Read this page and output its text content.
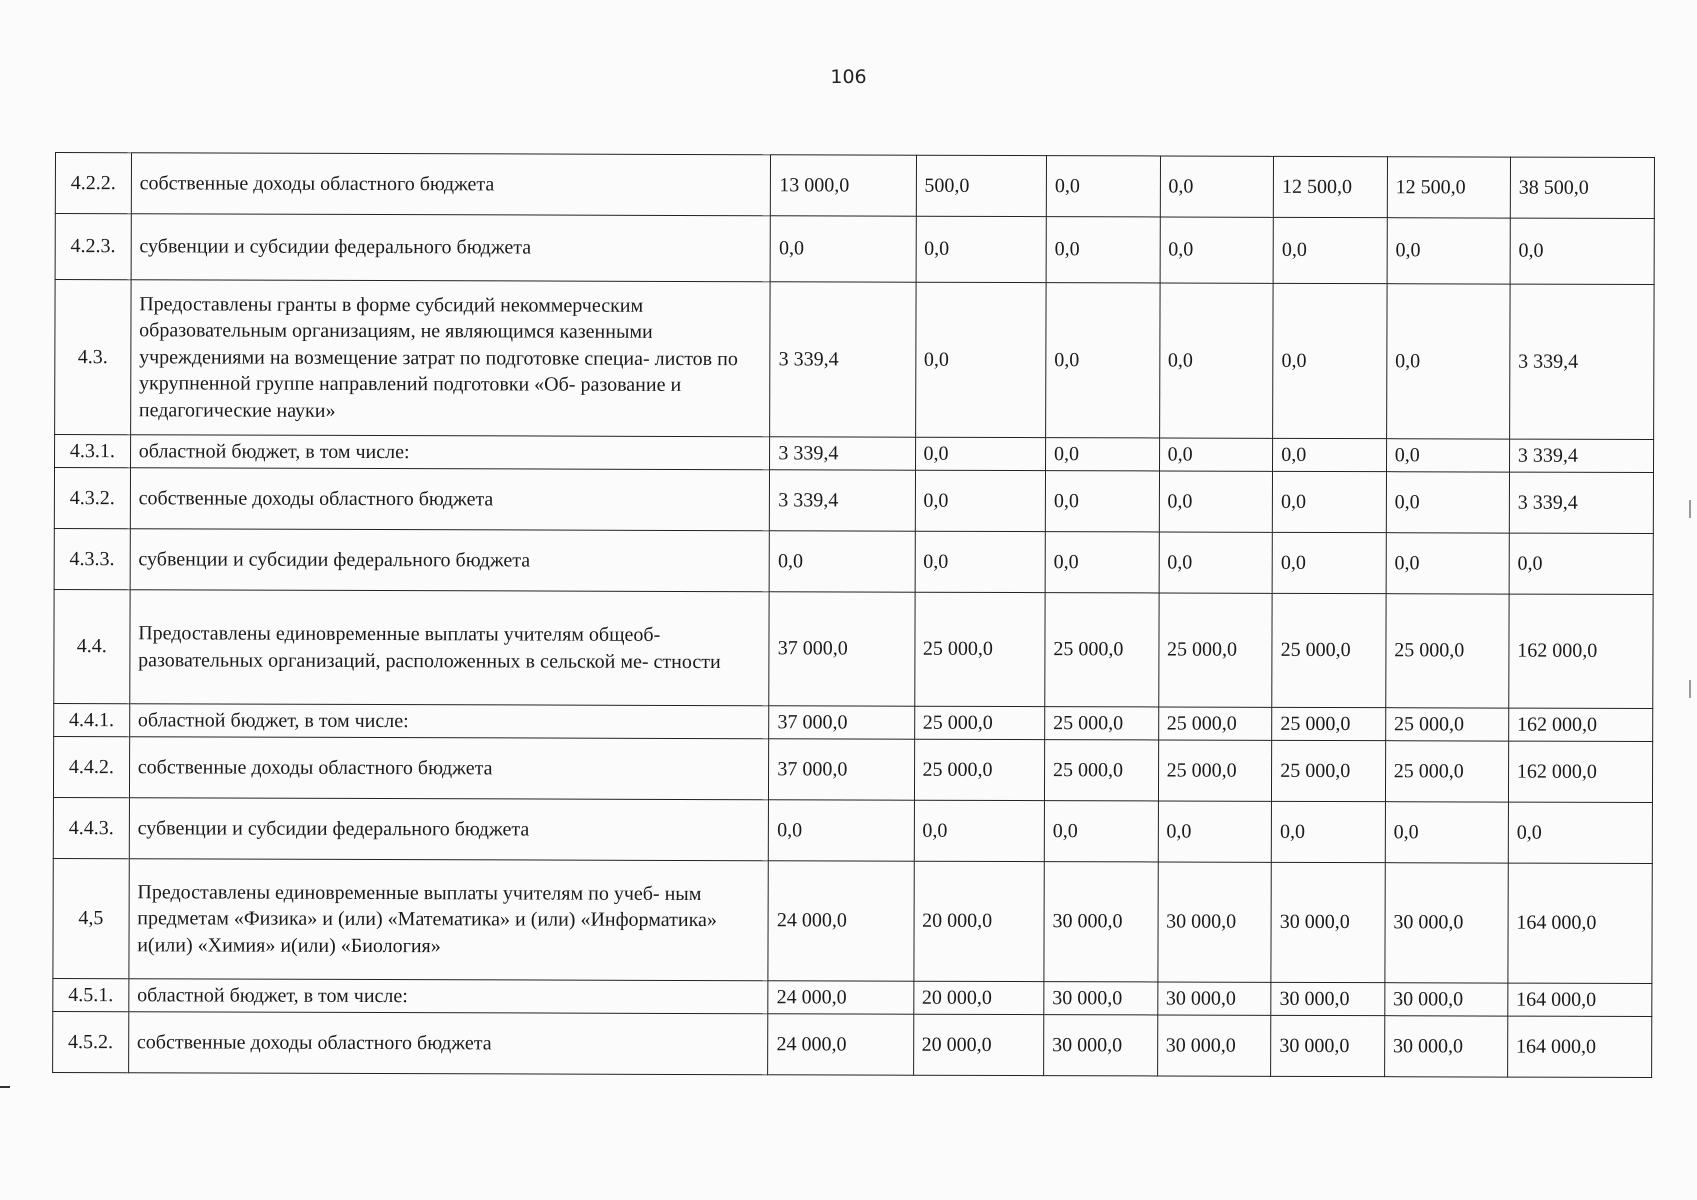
106
4.2.2.	собственные доходы областного бюджета	13 000,0	500,0	0,0	0,0	12 500,0	12 500,0	38 500,0
4.2.3.	субвенции и субсидии федерального бюджета	0,0	0,0	0,0	0,0	0,0	0,0	0,0
4.3.	Предоставлены гранты в форме субсидий некоммерческим образовательным организациям, не являющимся казенными учреждениями на возмещение затрат по подготовке специа- листов по укрупненной группе направлений подготовки «Об- разование и педагогические науки»	3 339,4	0,0	0,0	0,0	0,0	0,0	3 339,4
4.3.1.	областной бюджет, в том числе:	3 339,4	0,0	0,0	0,0	0,0	0,0	3 339,4
4.3.2.	собственные доходы областного бюджета	3 339,4	0,0	0,0	0,0	0,0	0,0	3 339,4
4.3.3.	субвенции и субсидии федерального бюджета	0,0	0,0	0,0	0,0	0,0	0,0	0,0
4.4.	Предоставлены единовременные выплаты учителям общеоб- разовательных организаций, расположенных в сельской ме- стности	37 000,0	25 000,0	25 000,0	25 000,0	25 000,0	25 000,0	162 000,0
4.4.1.	областной бюджет, в том числе:	37 000,0	25 000,0	25 000,0	25 000,0	25 000,0	25 000,0	162 000,0
4.4.2.	собственные доходы областного бюджета	37 000,0	25 000,0	25 000,0	25 000,0	25 000,0	25 000,0	162 000,0
4.4.3.	субвенции и субсидии федерального бюджета	0,0	0,0	0,0	0,0	0,0	0,0	0,0
4,5	Предоставлены единовременные выплаты учителям по учеб- ным предметам «Физика» и (или) «Математика» и (или) «Информатика» и(или) «Химия» и(или) «Биология»	24 000,0	20 000,0	30 000,0	30 000,0	30 000,0	30 000,0	164 000,0
4.5.1.	областной бюджет, в том числе:	24 000,0	20 000,0	30 000,0	30 000,0	30 000,0	30 000,0	164 000,0
4.5.2.	собственные доходы областного бюджета	24 000,0	20 000,0	30 000,0	30 000,0	30 000,0	30 000,0	164 000,0
